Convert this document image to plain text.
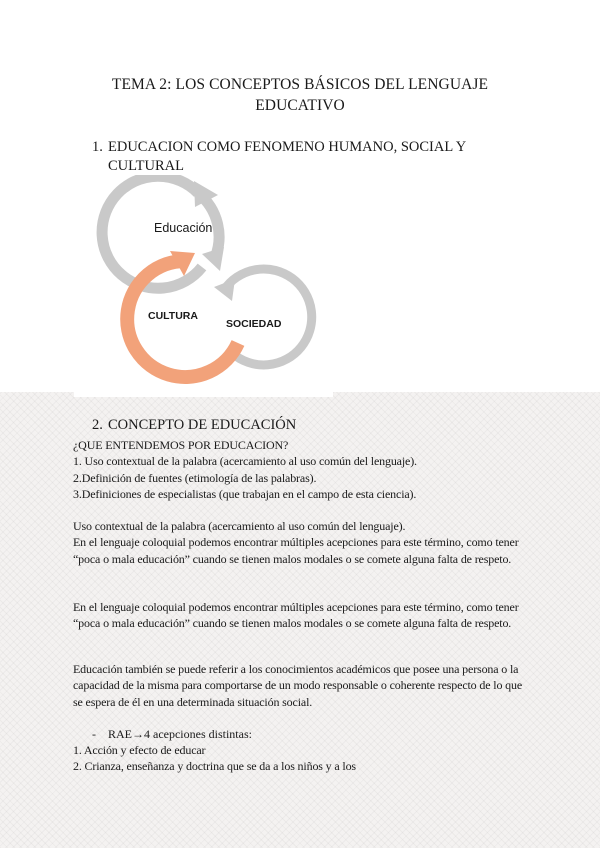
TEMA 2: LOS CONCEPTOS BÁSICOS DEL LENGUAJE EDUCATIVO
1. EDUCACION COMO FENOMENO HUMANO, SOCIAL Y CULTURAL
Educación
CULTURA
SOCIEDAD
2. CONCEPTO DE EDUCACIÓN
¿QUE ENTENDEMOS POR EDUCACION?
1. Uso contextual de la palabra (acercamiento al uso común del lenguaje).
2.Definición de fuentes (etimología de las palabras).
3.Definiciones de especialistas (que trabajan en el campo de esta ciencia).
Uso contextual de la palabra (acercamiento al uso común del lenguaje).
En el lenguaje coloquial podemos encontrar múltiples acepciones para este término, como tener “poca o mala educación” cuando se tienen malos modales o se comete alguna falta de respeto.
En el lenguaje coloquial podemos encontrar múltiples acepciones para este término, como tener “poca o mala educación” cuando se tienen malos modales o se comete alguna falta de respeto.
Educación también se puede referir a los conocimientos académicos que posee una persona o la capacidad de la misma para comportarse de un modo responsable o coherente respecto de lo que se espera de él en una determinada situación social.
- RAE→4 acepciones distintas:
1. Acción y efecto de educar
2. Crianza, enseñanza y doctrina que se da a los niños y a los
